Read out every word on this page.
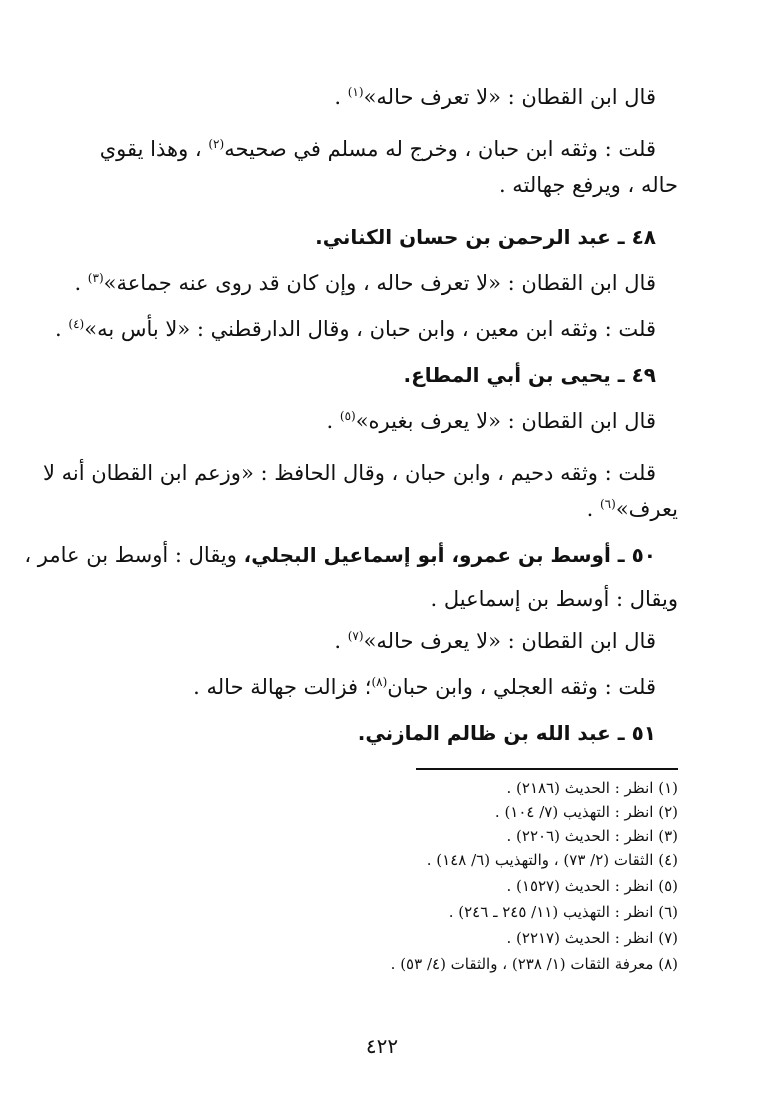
قال ابن القطان : «لا تعرف حاله»$^{(١)}$ .
قلت : وثقه ابن حبان ، وخرج له مسلم في صحيحه$^{(٢)}$ ، وهذا يقوي
حاله ، ويرفع جهالته .
٤٨ ـ عبد الرحمن بن حسان الكناني.
قال ابن القطان : «لا تعرف حاله ، وإن كان قد روى عنه جماعة»$^{(٣)}$ .
قلت : وثقه ابن معين ، وابن حبان ، وقال الدارقطني : «لا بأس به»$^{(٤)}$ .
٤٩ ـ يحيى بن أبي المطاع.
قال ابن القطان : «لا يعرف بغيره»$^{(٥)}$ .
قلت : وثقه دحيم ، وابن حبان ، وقال الحافظ : «وزعم ابن القطان أنه لا
يعرف»$^{(٦)}$ .
٥٠ ـ أوسط بن عمرو، أبو إسماعيل البجلي، ويقال : أوسط بن عامر ،
ويقال : أوسط بن إسماعيل .
قال ابن القطان : «لا يعرف حاله»$^{(٧)}$ .
قلت : وثقه العجلي ، وابن حبان$^{(٨)}$؛ فزالت جهالة حاله .
٥١ ـ عبد الله بن ظالم المازني.
(١) انظر : الحديث (٢١٨٦) .
(٢) انظر : التهذيب (٧/ ١٠٤) .
(٣) انظر : الحديث (٢٢٠٦) .
(٤) الثقات (٢/ ٧٣) ، والتهذيب (٦/ ١٤٨) .
(٥) انظر : الحديث (١٥٢٧) .
(٦) انظر : التهذيب (١١/ ٢٤٥ ـ ٢٤٦) .
(٧) انظر : الحديث (٢٢١٧) .
(٨) معرفة الثقات (١/ ٢٣٨) ، والثقات (٤/ ٥٣) .
٤٢٢
